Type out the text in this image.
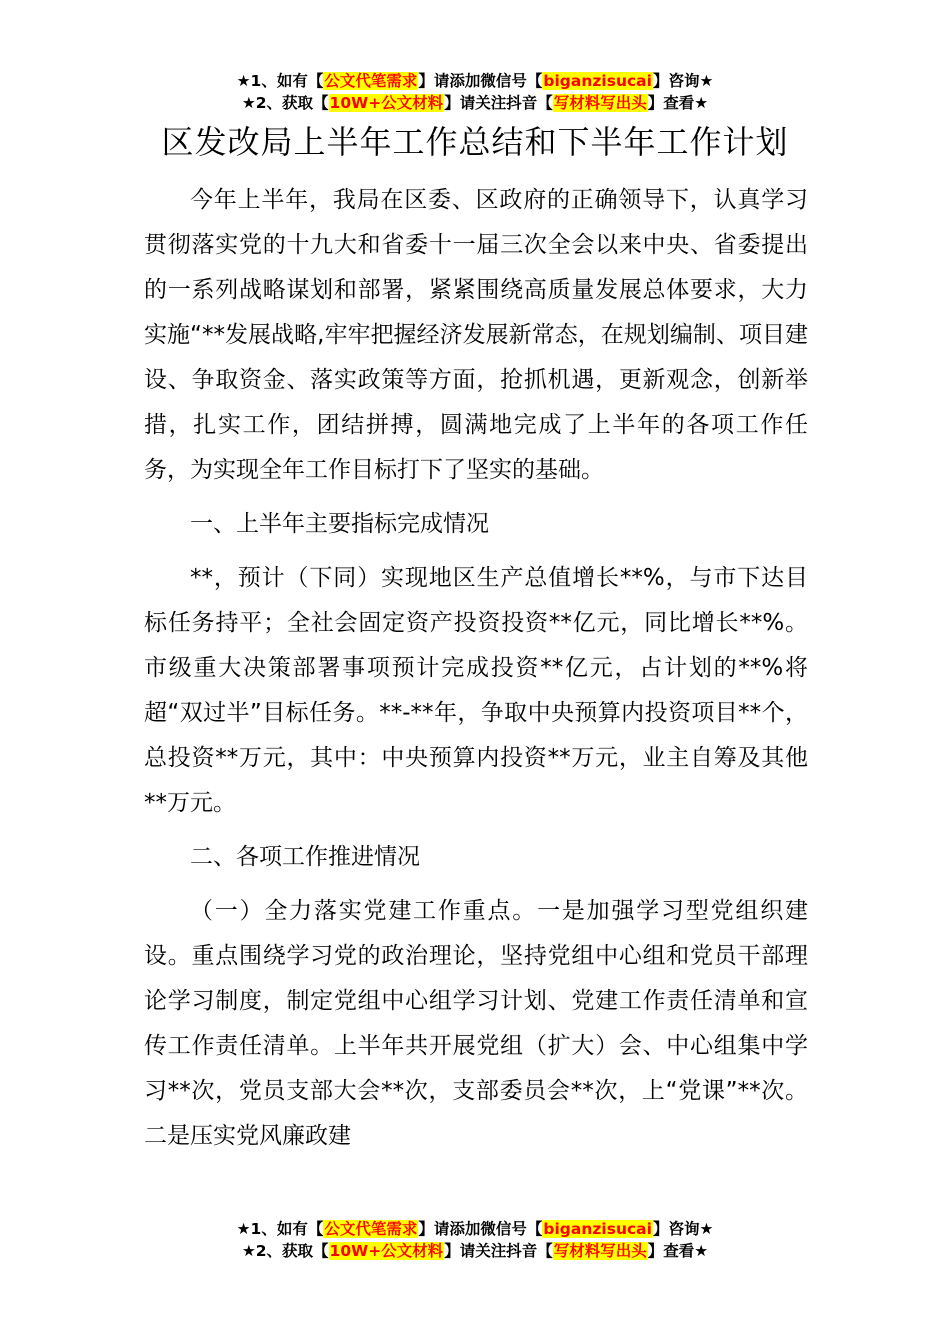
★1、如有【公文代笔需求】请添加微信号【biganzisucai】咨询★
★2、获取【10W+公文材料】请关注抖音【写材料写出头】查看★
区发改局上半年工作总结和下半年工作计划

今年上半年，我局在区委、区政府的正确领导下，认真学习贯彻落实党的十九大和省委十一届三次全会以来中央、省委提出的一系列战略谋划和部署，紧紧围绕高质量发展总体要求，大力实施“**发展战略,牢牢把握经济发展新常态，在规划编制、项目建设、争取资金、落实政策等方面，抢抓机遇，更新观念，创新举措，扎实工作，团结拼搏，圆满地完成了上半年的各项工作任务，为实现全年工作目标打下了坚实的基础。

一、上半年主要指标完成情况

**，预计（下同）实现地区生产总值增长**%，与市下达目标任务持平；全社会固定资产投资投资**亿元，同比增长**%。市级重大决策部署事项预计完成投资**亿元，占计划的**%将超“双过半”目标任务。**-**年，争取中央预算内投资项目**个，总投资**万元，其中：中央预算内投资**万元，业主自筹及其他**万元。

二、各项工作推进情况

（一）全力落实党建工作重点。一是加强学习型党组织建设。重点围绕学习党的政治理论，坚持党组中心组和党员干部理论学习制度，制定党组中心组学习计划、党建工作责任清单和宣传工作责任清单。上半年共开展党组（扩大）会、中心组集中学习**次，党员支部大会**次，支部委员会**次，上“党课”**次。二是压实党风廉政建

★1、如有【公文代笔需求】请添加微信号【biganzisucai】咨询★
★2、获取【10W+公文材料】请关注抖音【写材料写出头】查看★
